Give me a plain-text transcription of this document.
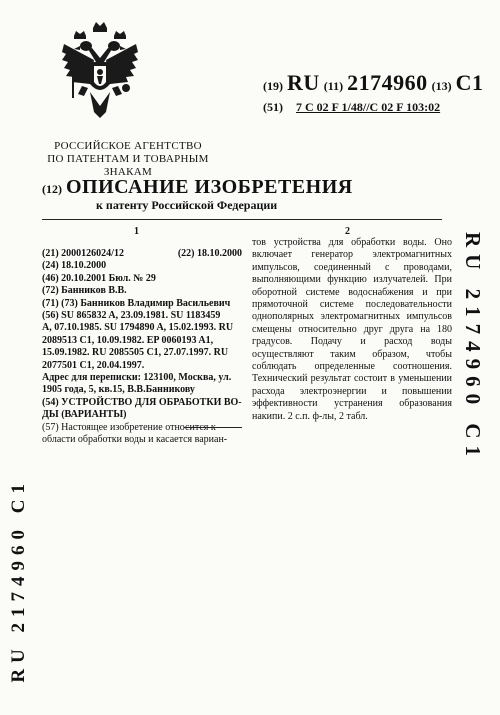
(19) RU (11) 2174960 (13) C1
(51) 7 C 02 F 1/48//C 02 F 103:02
РОССИЙСКОЕ АГЕНТСТВО
ПО ПАТЕНТАМ И ТОВАРНЫМ ЗНАКАМ
(12) ОПИСАНИЕ ИЗОБРЕТЕНИЯ
к патенту Российской Федерации
1	2
(21) 2000126024/12	(22) 18.10.2000
(24) 18.10.2000
(46) 20.10.2001 Бюл. № 29
(72) Банников В.В.
(71) (73) Банников Владимир Васильевич
(56) SU 865832 A, 23.09.1981. SU 1183459
A, 07.10.1985. SU 1794890 A, 15.02.1993. RU
2089513 C1, 10.09.1982. EP 0060193 A1,
15.09.1982. RU 2085505 C1, 27.07.1997. RU
2077501 C1, 20.04.1997.
Адрес для переписки: 123100, Москва, ул.
1905 года, 5, кв.15, В.В.Банникову
(54) УСТРОЙСТВО ДЛЯ ОБРАБОТКИ ВО-
ДЫ (ВАРИАНТЫ)
(57) Настоящее изобретение относится к
области обработки воды и касается вариан-
тов устройства для обработки воды. Оно включает генератор электромагнитных импульсов, соединенный с проводами, выполняющими функцию излучателей. При оборотной системе водоснабжения и при прямоточной системе последовательности однополярных электромагнитных импульсов смещены относительно друг друга на 180 градусов. Подачу и расход воды осуществляют таким образом, чтобы соблюдать определенные соотношения. Технический результат состоит в уменьшении расхода электроэнергии и повышении эффективности устранения образования накипи. 2 с.п. ф-лы, 2 табл.	RU 2174960 C1
RU 2174960 C1
